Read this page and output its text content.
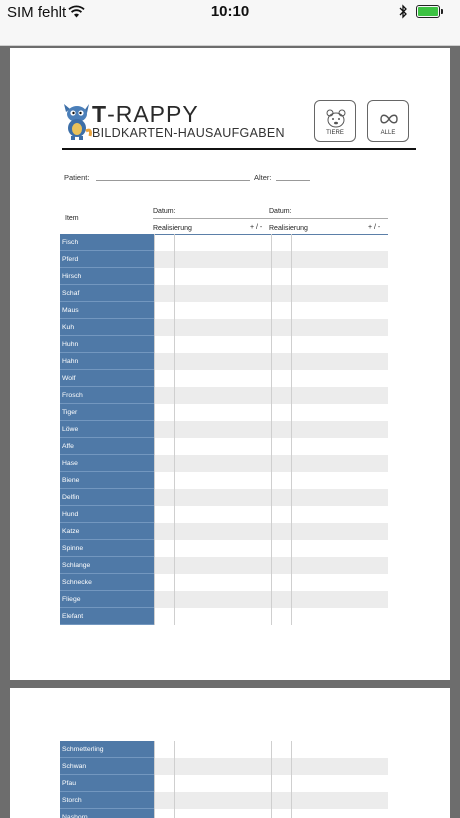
SIM fehlt	10:10
T-RAPPY
BILDKARTEN-HAUSAUFGABEN	TIERE	ALLE
Patient:	Alter:
Item
Datum:	Datum:
Realisierung	+ / - Realisierung	+ / -
Fisch
Pferd
Hirsch
Schaf
Maus
Kuh
Huhn
Hahn
Wolf
Frosch
Tiger
Löwe
Affe
Hase
Biene
Delfin
Hund
Katze
Spinne
Schlange
Schnecke
Fliege
Elefant
Schmetterling
Schwan
Pfau
Storch
Nashorn
